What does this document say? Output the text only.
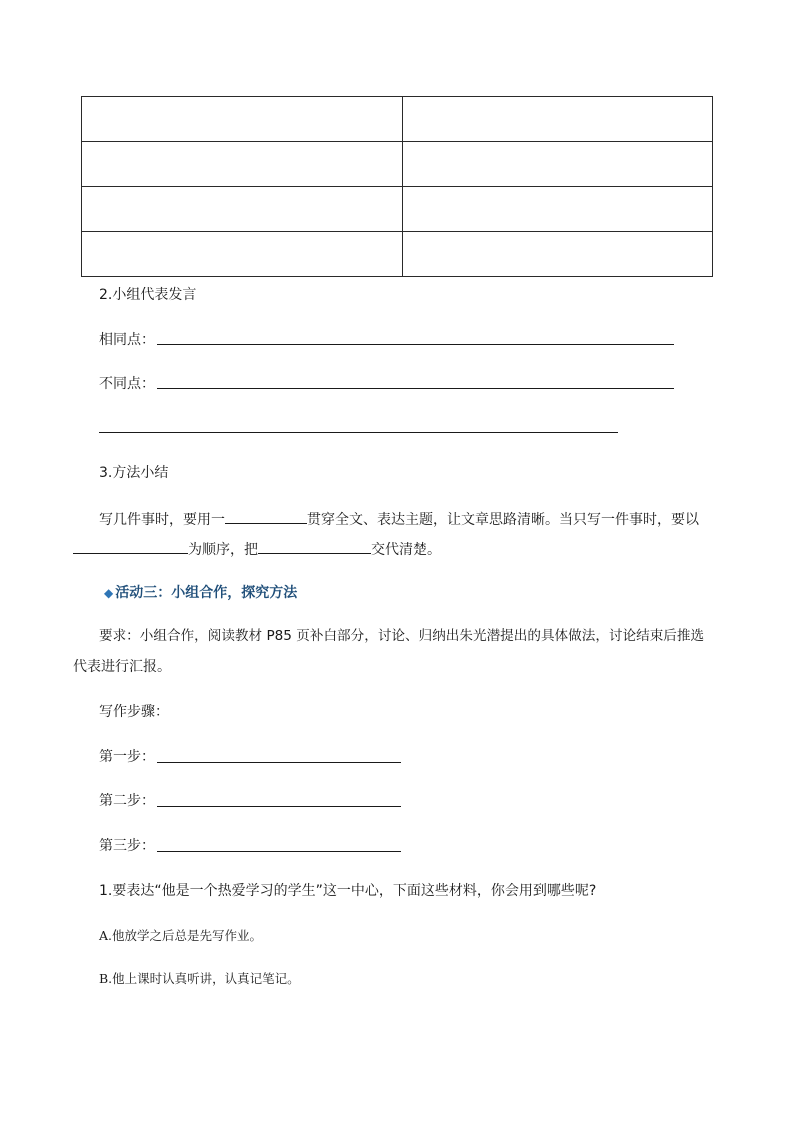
2.小组代表发言
相同点：
不同点：
3.方法小结
写几件事时，要用一	贯穿全文、表达主题，让文章思路清晰。当只写一件事时，要以
为顺序，把	交代清楚。
◆ 活动三：小组合作，探究方法
要求：小组合作，阅读教材 P85 页补白部分，讨论、归纳出朱光潜提出的具体做法，讨论结束后推选
代表进行汇报。
写作步骤：
第一步：
第二步：
第三步：
1.要表达“他是一个热爱学习的学生”这一中心，下面这些材料，你会用到哪些呢?
A.他放学之后总是先写作业。
B.他上课时认真听讲，认真记笔记。
